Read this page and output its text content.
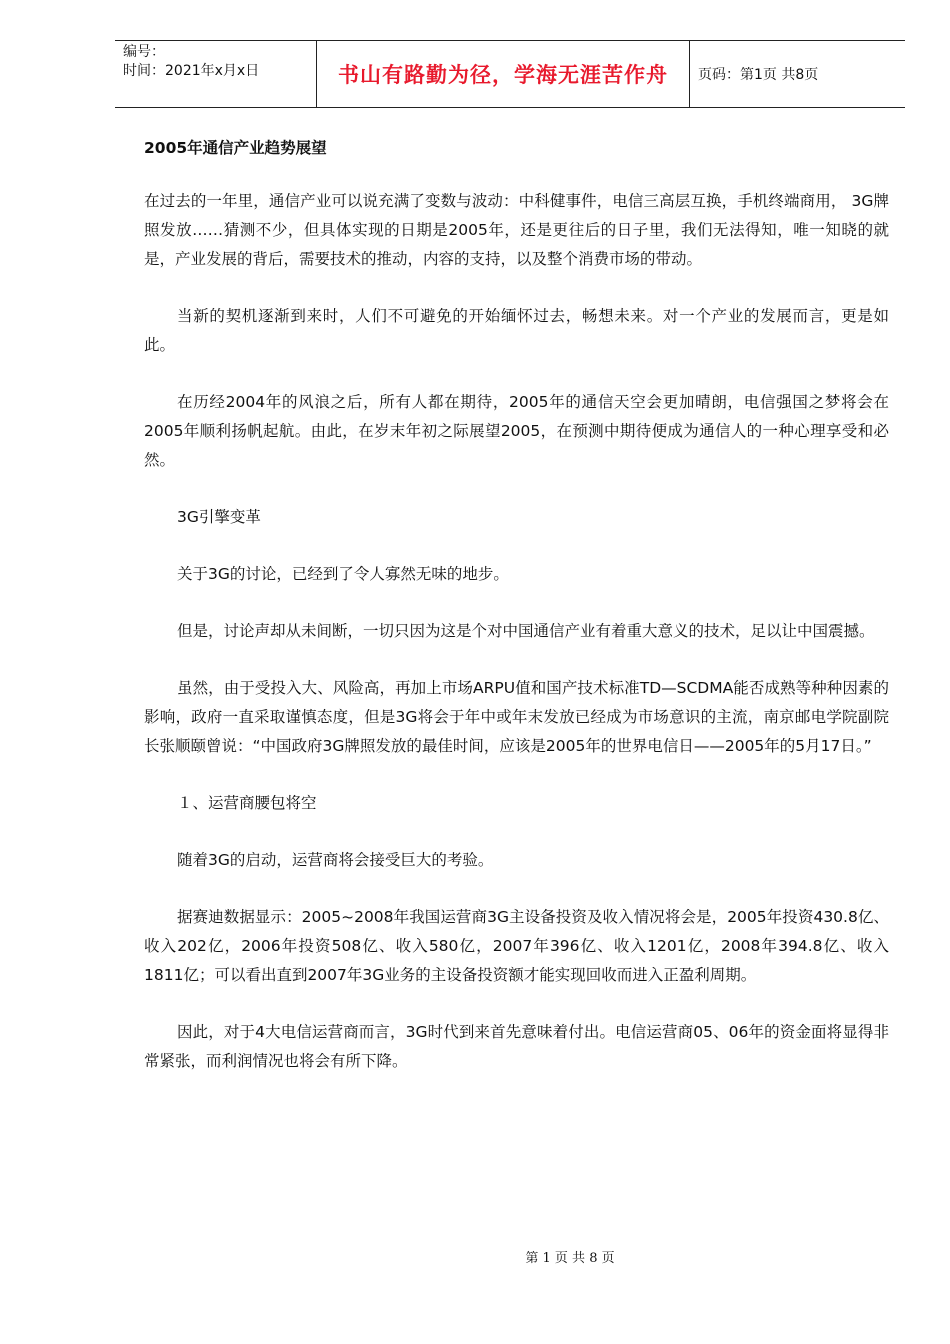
编号：
时间：2021年x月x日	书山有路勤为径，学海无涯苦作舟	页码：第1页 共8页
2005年通信产业趋势展望

在过去的一年里，通信产业可以说充满了变数与波动：中科健事件，电信三高层互换，手机终端商用， 3G牌照发放……猜测不少，但具体实现的日期是2005年，还是更往后的日子里，我们无法得知，唯一知晓的就是，产业发展的背后，需要技术的推动，内容的支持，以及整个消费市场的带动。

当新的契机逐渐到来时，人们不可避免的开始缅怀过去，畅想未来。对一个产业的发展而言，更是如此。

在历经2004年的风浪之后，所有人都在期待，2005年的通信天空会更加晴朗，电信强国之梦将会在2005年顺利扬帆起航。由此，在岁末年初之际展望2005，在预测中期待便成为通信人的一种心理享受和必然。

3G引擎变革

关于3G的讨论，已经到了令人寡然无味的地步。

但是，讨论声却从未间断，一切只因为这是个对中国通信产业有着重大意义的技术，足以让中国震撼。

虽然，由于受投入大、风险高，再加上市场ARPU值和国产技术标准TD—SCDMA能否成熟等种种因素的影响，政府一直采取谨慎态度，但是3G将会于年中或年末发放已经成为市场意识的主流，南京邮电学院副院长张顺颐曾说：“中国政府3G牌照发放的最佳时间，应该是2005年的世界电信日——2005年的5月17日。”

１、运营商腰包将空

随着3G的启动，运营商将会接受巨大的考验。

据赛迪数据显示：2005~2008年我国运营商3G主设备投资及收入情况将会是，2005年投资430.8亿、收入202亿，2006年投资508亿、收入580亿，2007年396亿、收入1201亿，2008年394.8亿、收入1811亿；可以看出直到2007年3G业务的主设备投资额才能实现回收而进入正盈利周期。

因此，对于4大电信运营商而言，3G时代到来首先意味着付出。电信运营商05、06年的资金面将显得非常紧张，而利润情况也将会有所下降。

第 1 页 共 8 页
